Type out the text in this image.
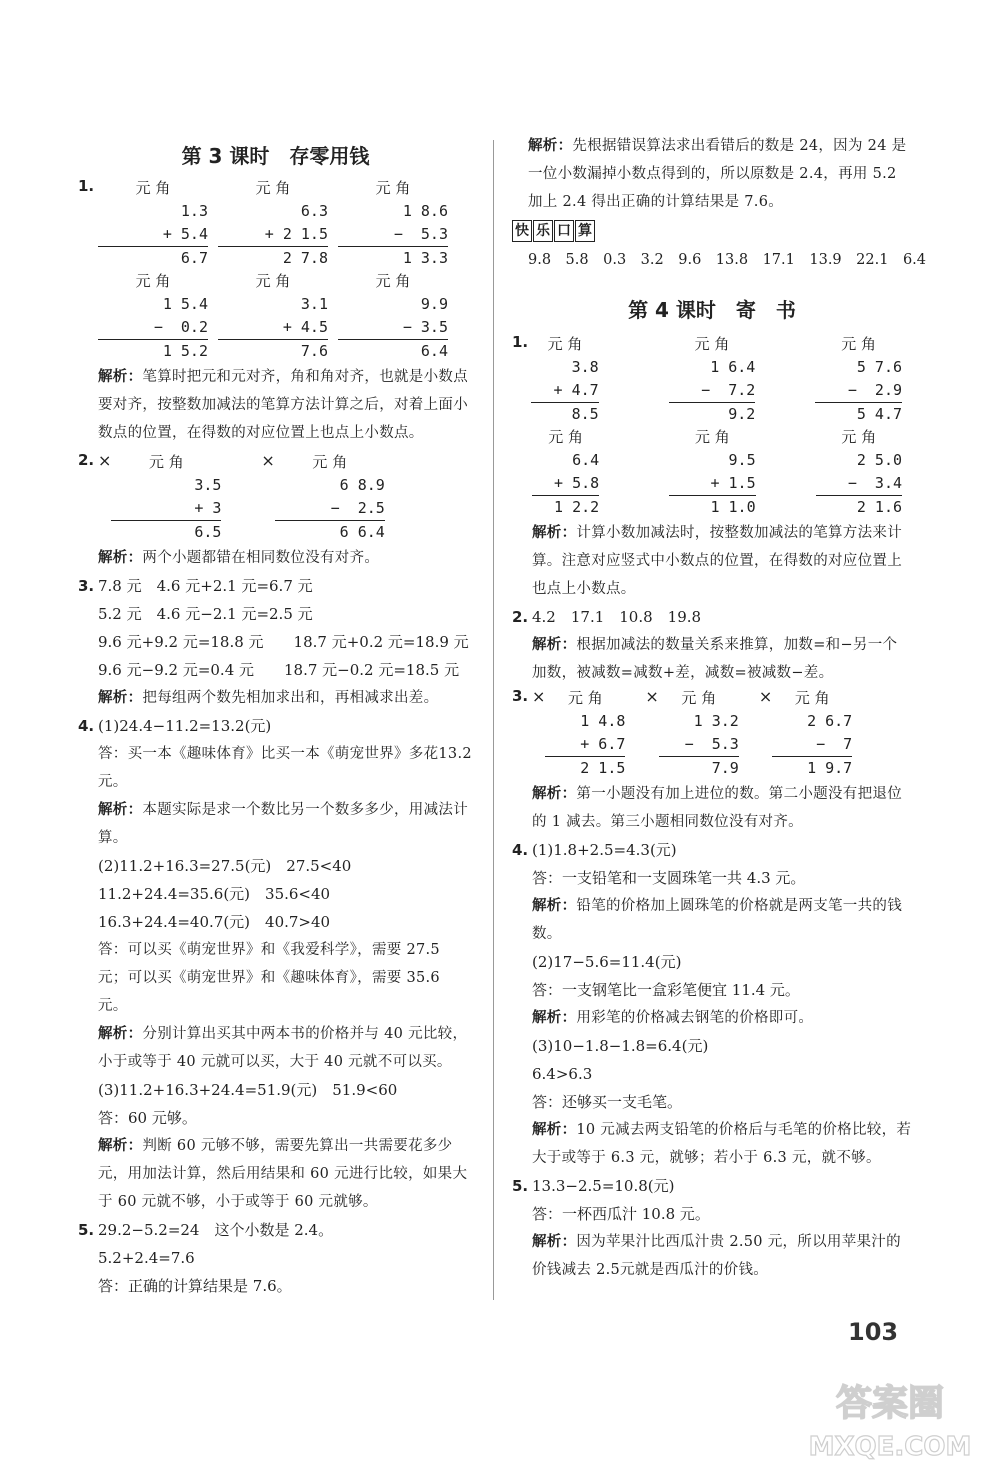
第 3 课时　存零用钱

1.	元 角
1.3
+ 5.4
6.7
元 角
6.3
+ 2 1.5
2 7.8
元 角
1 8.6
−  5.3
1 3.3
元 角
1 5.4
−  0.2
1 5.2
元 角
3.1
+ 4.5
7.6
元 角
9.9
− 3.5
6.4
解析：笔算时把元和元对齐，角和角对齐，也就是小数点要对齐，按整数加减法的笔算方法计算之后，对着上面小数点的位置，在得数的对应位置上也点上小数点。
2. ×	元 角
3.5
+ 3
6.5
×	元 角
6 8.9
−  2.5
6 6.4
解析：两个小题都错在相同数位没有对齐。
3. 7.8 元　4.6 元+2.1 元=6.7 元
5.2 元　4.6 元−2.1 元=2.5 元
9.6 元+9.2 元=18.8 元　　18.7 元+0.2 元=18.9 元
9.6 元−9.2 元=0.4 元　　18.7 元−0.2 元=18.5 元
解析：把每组两个数先相加求出和，再相减求出差。
4. (1)24.4−11.2=13.2(元)
答：买一本《趣味体育》比买一本《萌宠世界》多花13.2 元。
解析：本题实际是求一个数比另一个数多多少，用减法计算。
(2)11.2+16.3=27.5(元)　27.5<40
11.2+24.4=35.6(元)　35.6<40
16.3+24.4=40.7(元)　40.7>40
答：可以买《萌宠世界》和《我爱科学》，需要 27.5 元；可以买《萌宠世界》和《趣味体育》，需要 35.6 元。
解析：分别计算出买其中两本书的价格并与 40 元比较，小于或等于 40 元就可以买，大于 40 元就不可以买。
(3)11.2+16.3+24.4=51.9(元)　51.9<60
答：60 元够。
解析：判断 60 元够不够，需要先算出一共需要花多少元，用加法计算，然后用结果和 60 元进行比较，如果大于 60 元就不够，小于或等于 60 元就够。
5. 29.2−5.2=24　这个小数是 2.4。
5.2+2.4=7.6
答：正确的计算结果是 7.6。
解析：先根据错误算法求出看错后的数是 24，因为 24 是一位小数漏掉小数点得到的，所以原数是 2.4，再用 5.2 加上 2.4 得出正确的计算结果是 7.6。
快 乐 口 算
9.8　5.8　0.3　3.2　9.6　13.8　17.1　13.9　22.1　6.4

第 4 课时　寄　书

1.	元 角
3.8
+ 4.7
8.5
元 角
1 6.4
−  7.2
9.2
元 角
5 7.6
−  2.9
5 4.7
元 角
6.4
+ 5.8
1 2.2
元 角
9.5
+ 1.5
1 1.0
元 角
2 5.0
−  3.4
2 1.6
解析：计算小数加减法时，按整数加减法的笔算方法来计算。注意对应竖式中小数点的位置，在得数的对应位置上也点上小数点。
2. 4.2　17.1　10.8　19.8
解析：根据加减法的数量关系来推算，加数=和−另一个加数，被减数=减数+差，减数=被减数−差。
3. ×	元 角
1 4.8
+ 6.7
2 1.5
×	元 角
1 3.2
−  5.3
7.9
×	元 角
2 6.7
−  7
1 9.7
解析：第一小题没有加上进位的数。第二小题没有把退位的 1 减去。第三小题相同数位没有对齐。
4. (1)1.8+2.5=4.3(元)
答：一支铅笔和一支圆珠笔一共 4.3 元。
解析：铅笔的价格加上圆珠笔的价格就是两支笔一共的钱数。
(2)17−5.6=11.4(元)
答：一支钢笔比一盒彩笔便宜 11.4 元。
解析：用彩笔的价格减去钢笔的价格即可。
(3)10−1.8−1.8=6.4(元)
6.4>6.3
答：还够买一支毛笔。
解析：10 元减去两支铅笔的价格后与毛笔的价格比较，若大于或等于 6.3 元，就够；若小于 6.3 元，就不够。
5. 13.3−2.5=10.8(元)
答：一杯西瓜汁 10.8 元。
解析：因为苹果汁比西瓜汁贵 2.50 元，所以用苹果汁的价钱减去 2.5元就是西瓜汁的价钱。
103
答案圈
MXQE.COM
